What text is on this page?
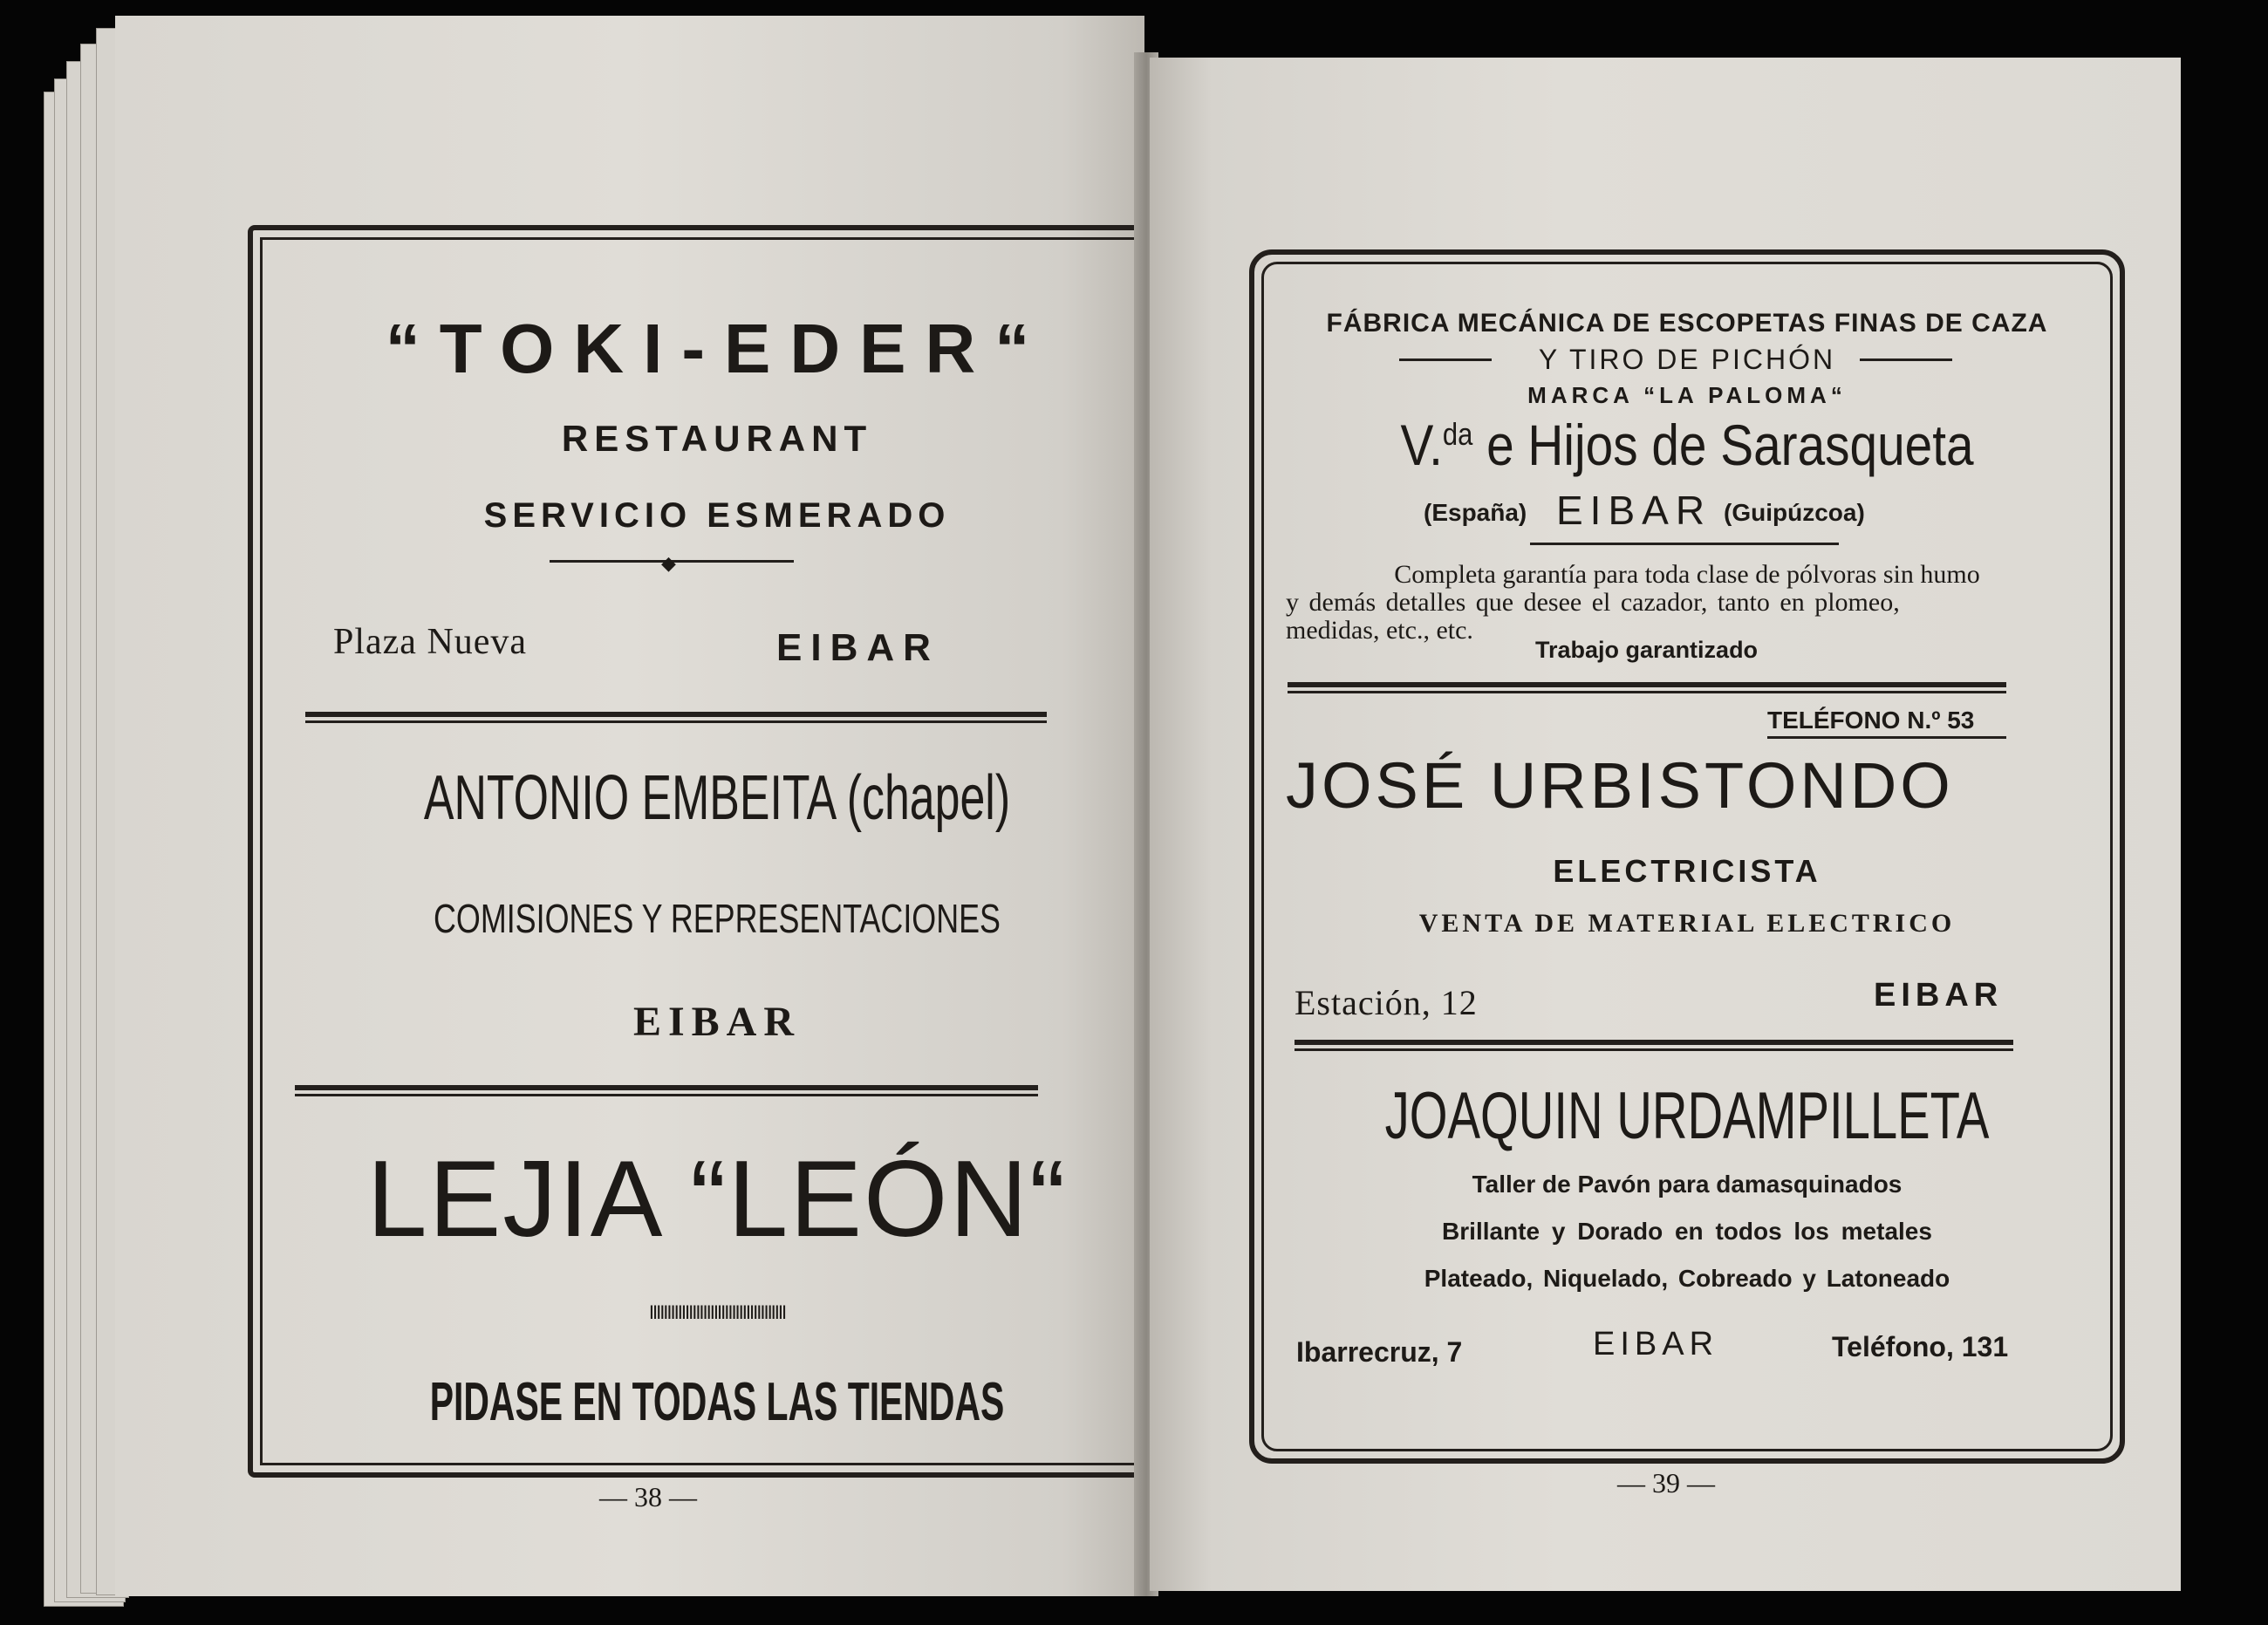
“TOKI-EDER“
RESTAURANT
SERVICIO ESMERADO
◆
Plaza Nueva	EIBAR
ANTONIO EMBEITA (chapel)
COMISIONES Y REPRESENTACIONES
EIBAR
LEJIA “LEÓN“
IIIIIIIIIIIIIIIIIIIIIIIIIIIIIIIIIIIIII
PIDASE EN TODAS LAS TIENDAS
— 38 —
FÁBRICA MECÁNICA DE ESCOPETAS FINAS DE CAZA
Y TIRO DE PICHÓN
MARCA “LA PALOMA“
V.$^{da}$ e Hijos de Sarasqueta
(España) EIBAR (Guipúzcoa)
Completa garantía para toda clase de pólvoras sin humo
y demás detalles que desee el cazador, tanto en plomeo,
medidas, etc., etc.
Trabajo garantizado
TELÉFONO N.º 53
JOSÉ URBISTONDO
ELECTRICISTA
VENTA DE MATERIAL ELECTRICO
Estación, 12	EIBAR
JOAQUIN URDAMPILLETA
Taller de Pavón para damasquinados
Brillante y Dorado en todos los metales
Plateado, Niquelado, Cobreado y Latoneado
Ibarrecruz, 7	EIBAR	Teléfono, 131
— 39 —
